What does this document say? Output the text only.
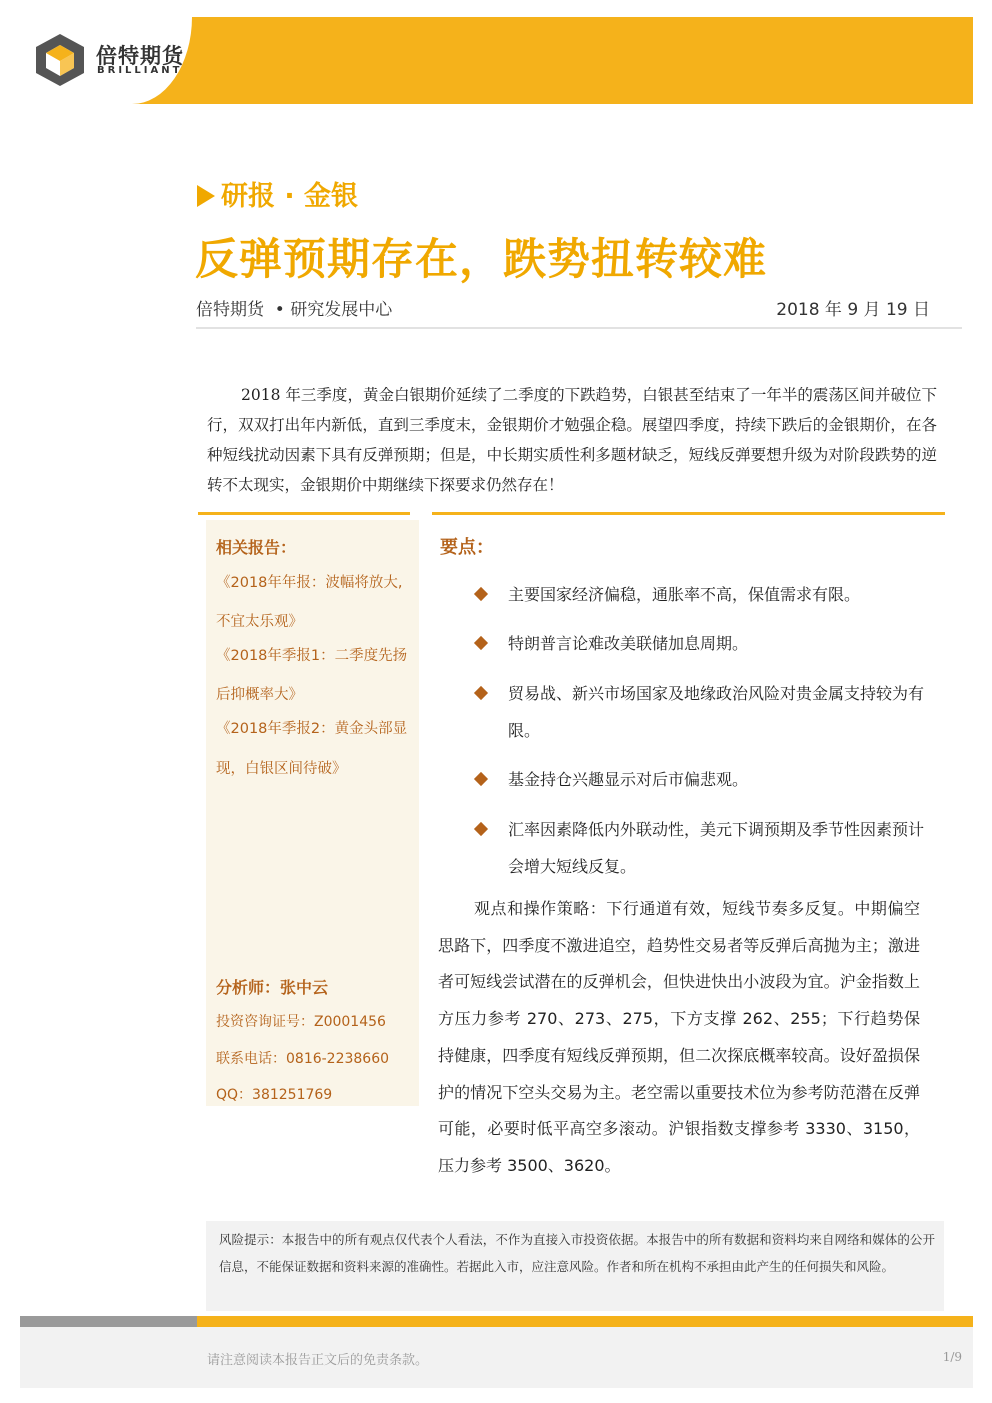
倍特期货
BRILLIANT
研报 · 金银
反弹预期存在，跌势扭转较难
倍特期货  • 研究发展中心	2018 年 9 月 19 日
2018 年三季度，黄金白银期价延续了二季度的下跌趋势，白银甚至结束了一年半的震荡区间并破位下行，双双打出年内新低，直到三季度末，金银期价才勉强企稳。展望四季度，持续下跌后的金银期价，在各种短线扰动因素下具有反弹预期；但是，中长期实质性利多题材缺乏，短线反弹要想升级为对阶段跌势的逆转不太现实，金银期价中期继续下探要求仍然存在！
相关报告：
《2018年年报：波幅将放大,
不宜太乐观》
《2018年季报1：二季度先扬
后抑概率大》
《2018年季报2：黄金头部显
现，白银区间待破》
分析师：张中云
投资咨询证号：Z0001456
联系电话：0816-2238660
QQ：381251769
要点：
主要国家经济偏稳，通胀率不高，保值需求有限。
特朗普言论难改美联储加息周期。
贸易战、新兴市场国家及地缘政治风险对贵金属支持较为有限。
基金持仓兴趣显示对后市偏悲观。
汇率因素降低内外联动性，美元下调预期及季节性因素预计会增大短线反复。
观点和操作策略：下行通道有效，短线节奏多反复。中期偏空思路下，四季度不激进追空，趋势性交易者等反弹后高抛为主；激进者可短线尝试潜在的反弹机会，但快进快出小波段为宜。沪金指数上方压力参考 270、273、275，下方支撑 262、255；下行趋势保持健康，四季度有短线反弹预期，但二次探底概率较高。设好盈损保护的情况下空头交易为主。老空需以重要技术位为参考防范潜在反弹可能，必要时低平高空多滚动。沪银指数支撑参考 3330、3150，压力参考 3500、3620。
风险提示：本报告中的所有观点仅代表个人看法，不作为直接入市投资依据。本报告中的所有数据和资料均来自网络和媒体的公开信息，不能保证数据和资料来源的准确性。若据此入市，应注意风险。作者和所在机构不承担由此产生的任何损失和风险。
请注意阅读本报告正文后的免责条款。	1/9
